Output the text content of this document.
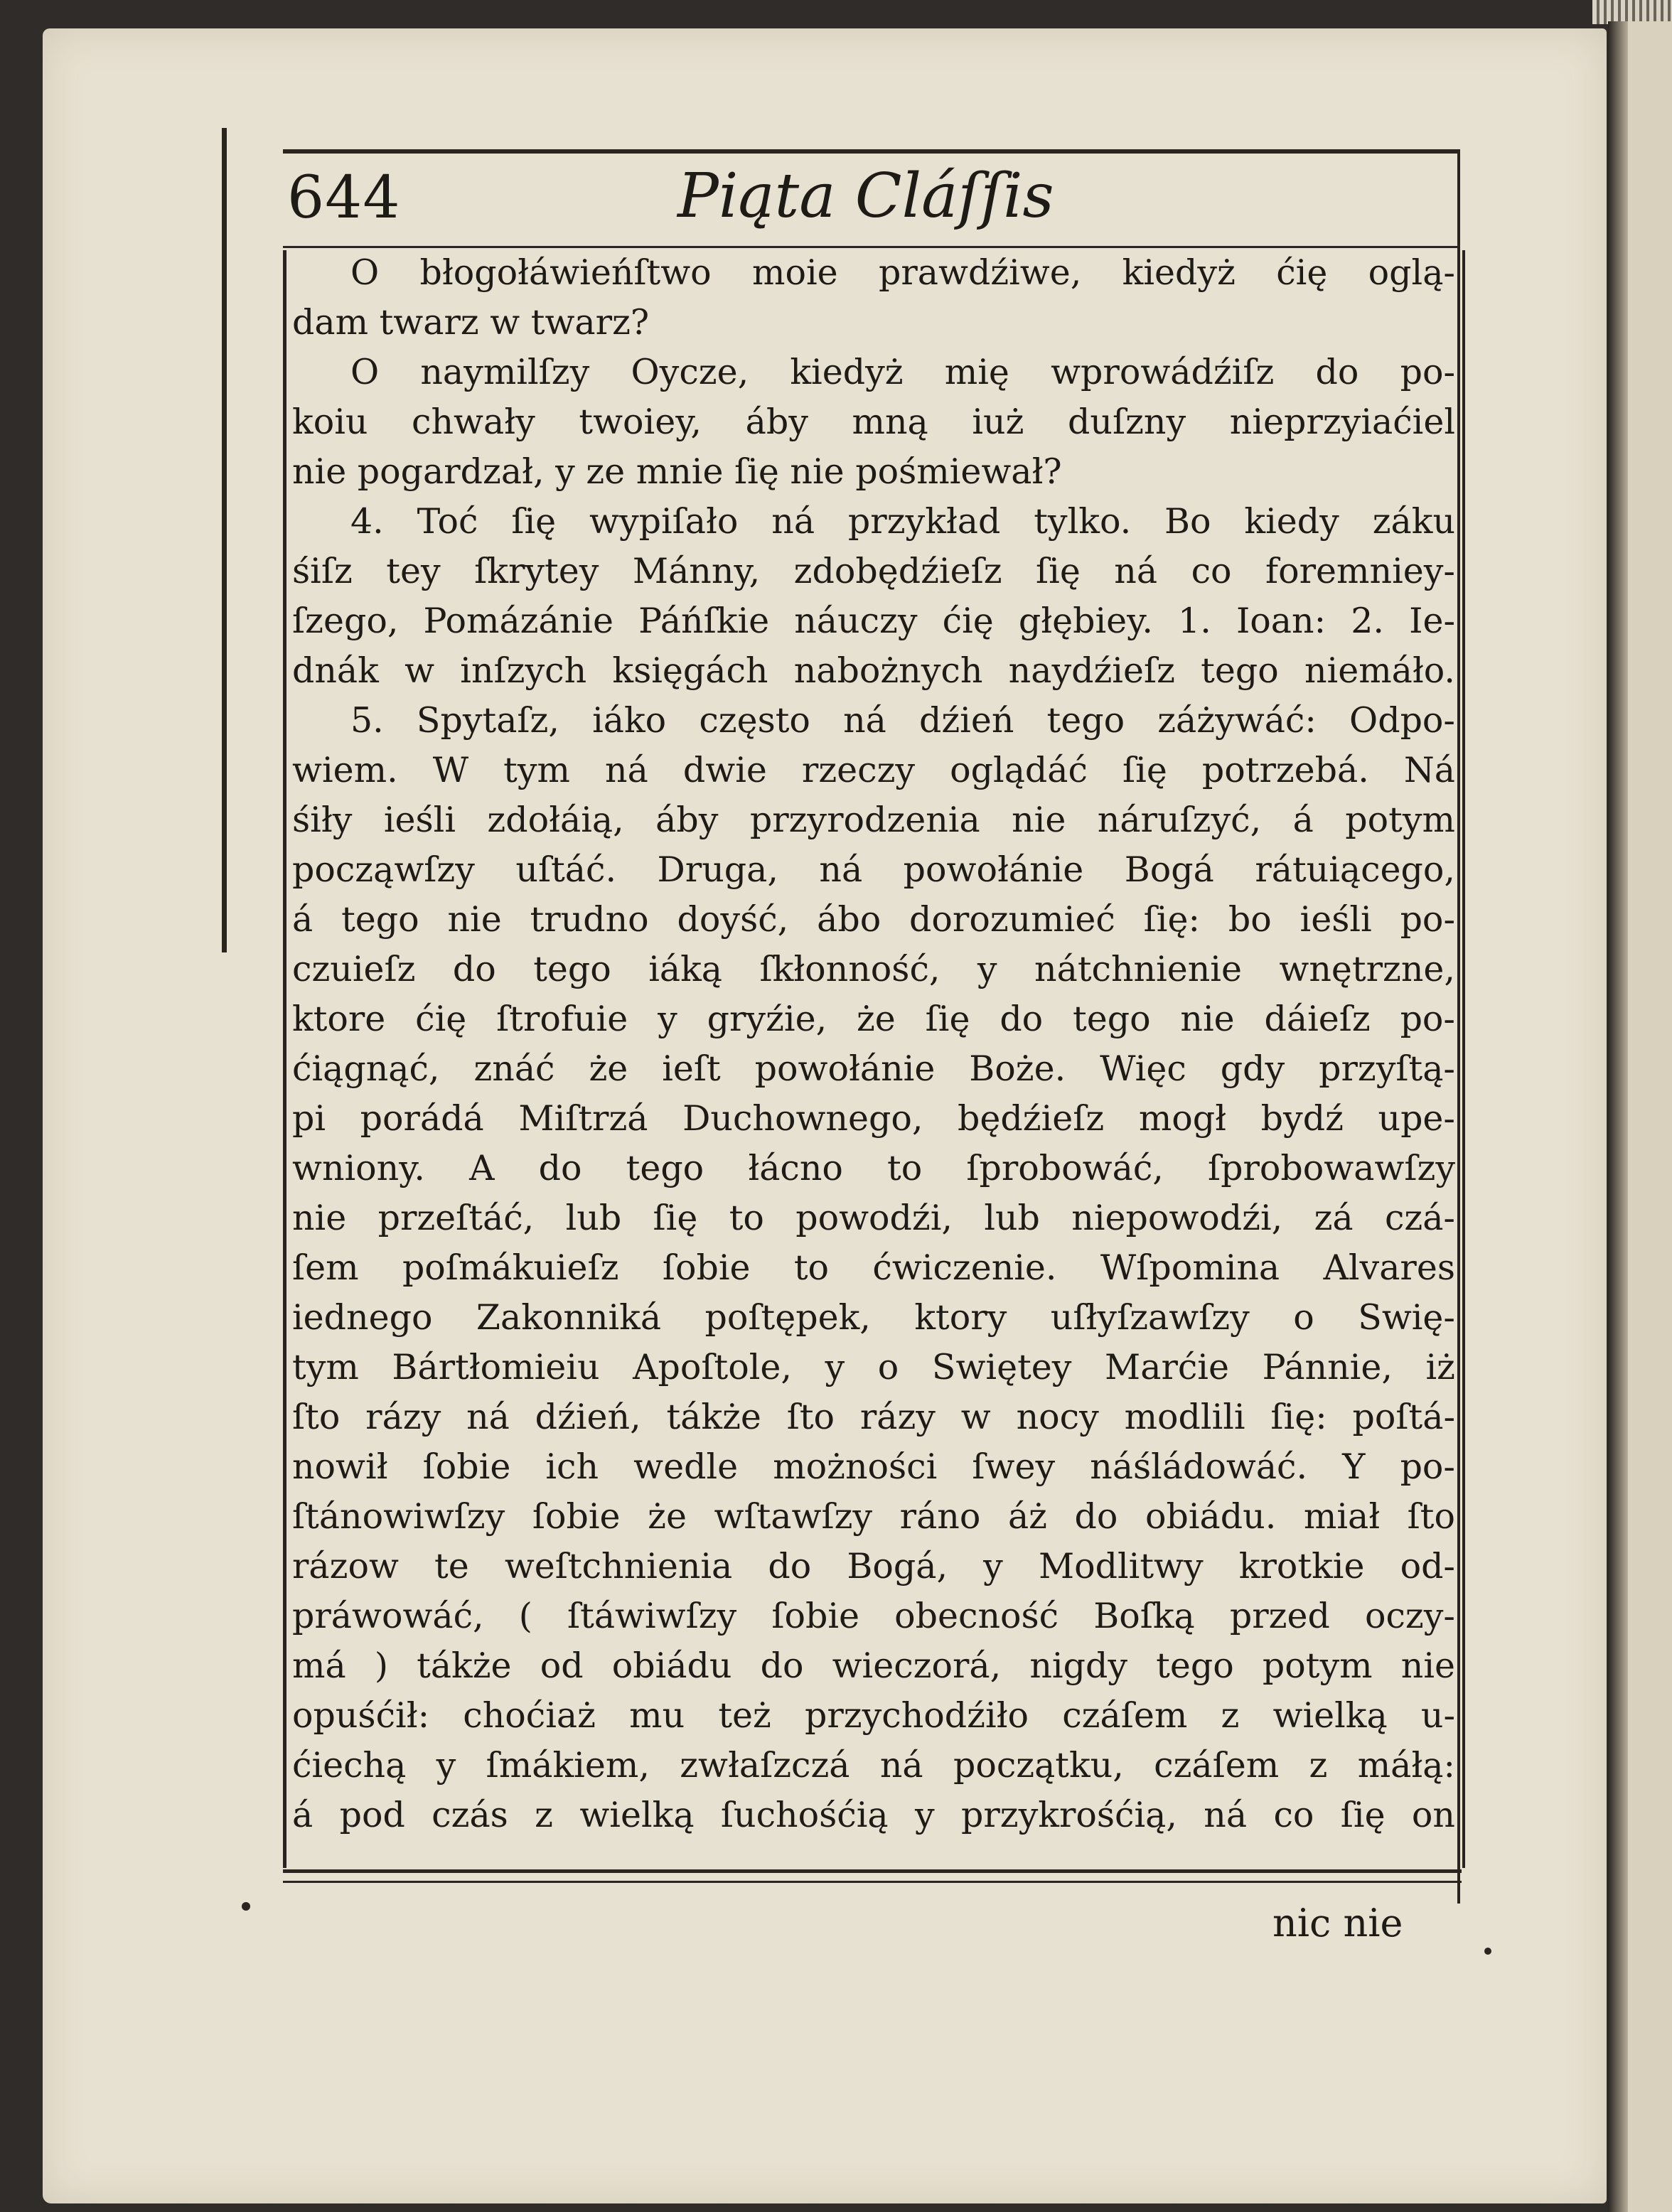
644	Piąta Cláſſis
O błogołáwieńſtwo moie prawdźiwe, kiedyż ćię oglą-
dam twarz w twarz?
O naymilſzy Oycze, kiedyż mię wprowádźiſz do po-
koiu chwały twoiey, áby mną iuż duſzny nieprzyiaćiel
nie pogardzał, y ze mnie ſię nie pośmiewał?
4. Toć ſię wypiſało ná przykład tylko. Bo kiedy záku
śiſz tey ſkrytey Mánny, zdobędźieſz ſię ná co foremniey-
ſzego, Pomázánie Páńſkie náuczy ćię głębiey. 1. Ioan: 2. Ie-
dnák w inſzych księgách nabożnych naydźieſz tego niemáło.
5. Spytaſz, iáko często ná dźień tego záżywáć: Odpo-
wiem. W tym ná dwie rzeczy oglądáć ſię potrzebá. Ná
śiły ieśli zdołáią, áby przyrodzenia nie náruſzyć, á potym
począwſzy uſtáć. Druga, ná powołánie Bogá rátuiącego,
á tego nie trudno doyść, ábo dorozumieć ſię: bo ieśli po-
czuieſz do tego iáką ſkłonność, y nátchnienie wnętrzne,
ktore ćię ſtrofuie y gryźie, że ſię do tego nie dáieſz po-
ćiągnąć, znáć że ieſt powołánie Boże. Więc gdy przyſtą-
pi porádá Miſtrzá Duchownego, będźieſz mogł bydź upe-
wniony. A do tego łácno to ſprobowáć, ſprobowawſzy
nie przeſtáć, lub ſię to powodźi, lub niepowodźi, zá czá-
ſem poſmákuieſz ſobie to ćwiczenie. Wſpomina Alvares
iednego Zakonniká poſtępek, ktory uſłyſzawſzy o Swię-
tym Bártłomieiu Apoſtole, y o Swiętey Marćie Pánnie, iż
ſto rázy ná dźień, tákże ſto rázy w nocy modlili ſię: poſtá-
nowił ſobie ich wedle możności ſwey náśládowáć. Y po-
ſtánowiwſzy ſobie że wſtawſzy ráno áż do obiádu. miał ſto
rázow te weſtchnienia do Bogá, y Modlitwy krotkie od-
práwowáć, ( ſtáwiwſzy ſobie obecność Boſką przed oczy-
má ) tákże od obiádu do wieczorá, nigdy tego potym nie
opuśćił: choćiaż mu też przychodźiło czáſem z wielką u-
ćiechą y ſmákiem, zwłaſzczá ná początku, czáſem z máłą:
á pod czás z wielką ſuchośćią y przykrośćią, ná co ſię on
nic nie
